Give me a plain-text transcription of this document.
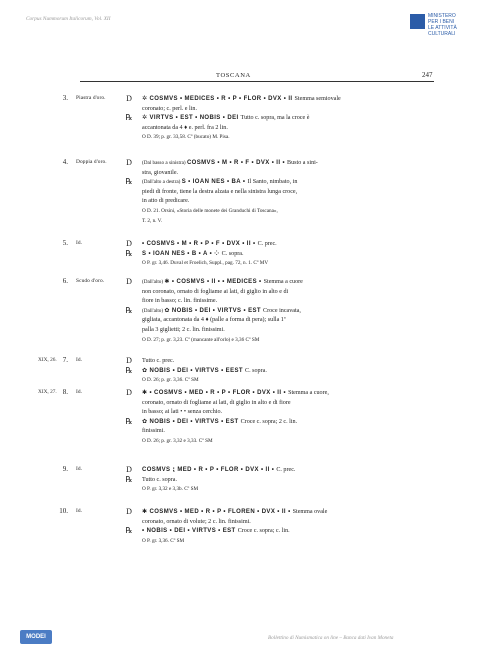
Corpus Nummorum Italicorum, Vol. XII	MINISTERO
PER I BENI
LE ATTIVITÀ
CULTURALI
TOSCANA	247
3. Piastra d'oro.	D	✲ COSMVS • MEDICES • R • P • FLOR • DVX • II Stemma semiovale
coronato; c. perl. e lin.
℞	✲ VIRTVS • EST • NOBIS • DEI Tutto c. sopra, ma la croce è
accantonata da 4 ♦ e. perl. fra 2 lin.
O D. 39; p. gr. 33,58. Cº (bucato) M. Pisa.
4. Doppia d'oro.	D	(Dal basso a sinistra) COSMVS • M • R • F • DVX • II • Busto a sini-
stra, giovanile.
℞	(Dall'alto a destra) S • IOAN NES • BA • Il Santo, nimbato, in
piedi di fronte, tiene la destra alzata e nella sinistra lunga croce,
in atto di predicare.
O D. 21. Orsini, «Storia delle monete dei Granduchi di Toscana»,
T. 2, n. V.
5. Id.	D	• COSMVS • M • R • P • F • DVX • II • C. prec.
℞	S • IOAN NES • B • A • ⁘ C. sopra.
O P. gr. 3,46. Duval et Froelich, Suppl., pag. 72, n. 1. Cº MV
6. Scudo d'oro.	D	(Dall'alto) ✱ • COSMVS • II • • MEDICES • Stemma a cuore
non coronato, ornato di fogliame ai lati, di giglio in alto e di
fiore in basso; c. lin. finissime.
℞	(Dall'alto) ✿ NOBIS • DEI • VIRTVS • EST Croce incavata,
gigliata, accantonata da 4 ♦ (palle a forma di pera); sulla 1ª
palla 3 giglietti; 2 c. lin. finissimi.
O D. 27; p. gr. 3,23. Cº (mancante all'orlo) e 3,36 Cº SM
XIX, 26. 7. Id.	D	Tutto c. prec.
℞	✿ NOBIS • DEI • VIRTVS • EEST C. sopra.
O D. 26; p. gr. 3,36. Cº SM
XIX, 27. 8. Id.	D	✱ • COSMVS • MED • R • P • FLOR • DVX • II • Stemma a cuore,
coronato, ornato di fogliame ai lati, di giglio in alto e di fiore
in basso; ai lati • • senza cerchio.
℞	✿ NOBIS • DEI • VIRTVS • EST Croce c. sopra; 2 c. lin.
finissimi.
O D. 26; p. gr. 3,32 e 3,33. Cº SM
9. Id.	D	COSMVS ⁏ MED • R • P • FLOR • DVX • II • C. prec.
℞	Tutto c. sopra.
O P. gr. 3,32 e 3,3b. Cº SM
10. Id.	D	✱ COSMVS • MED • R • P • FLOREN • DVX • II • Stemma ovale
coronato, ornato di volute; 2 c. lin. finissimi.
℞	• NOBIS • DEI • VIRTVS • EST Croce c. sopra; c. lin.
O P. gr. 3,36. Cº SM
MODEI	Bollettino di Numismatica on line – Banca dati Ivan Moneta
